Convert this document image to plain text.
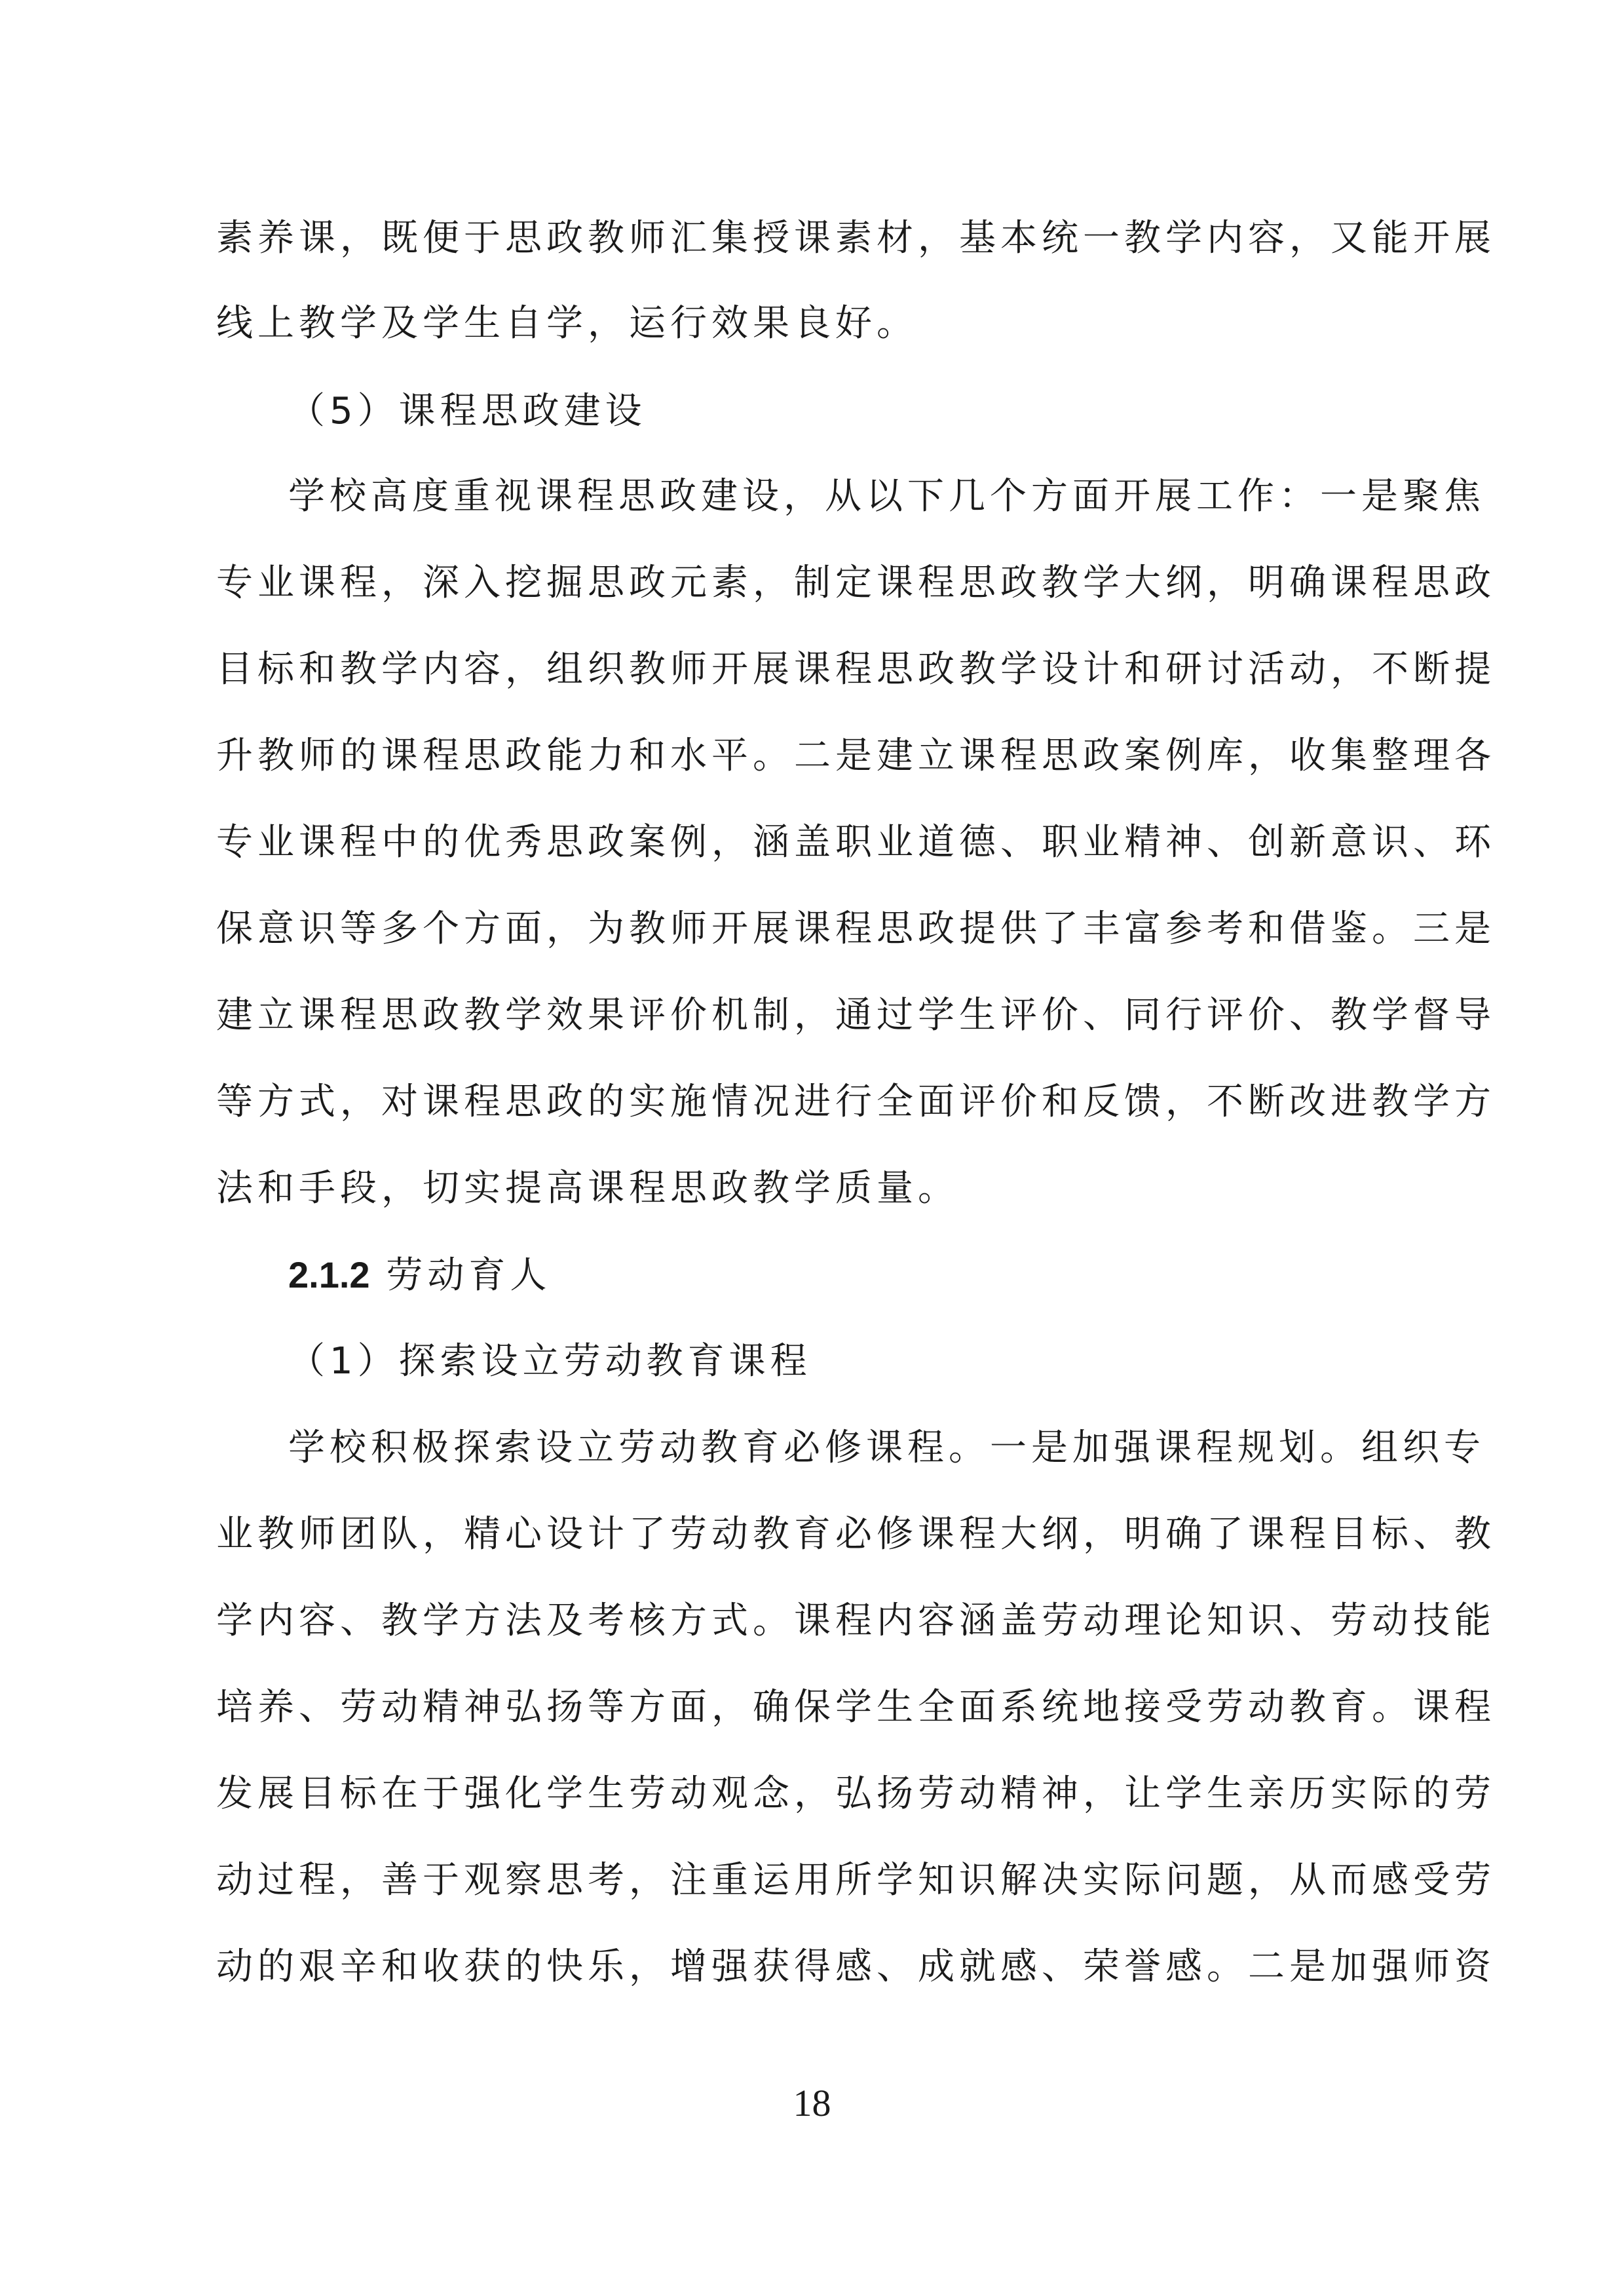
素养课，既便于思政教师汇集授课素材，基本统一教学内容，又能开展
线上教学及学生自学，运行效果良好。
（5）课程思政建设
学校高度重视课程思政建设，从以下几个方面开展工作：一是聚焦
专业课程，深入挖掘思政元素，制定课程思政教学大纲，明确课程思政
目标和教学内容，组织教师开展课程思政教学设计和研讨活动，不断提
升教师的课程思政能力和水平。二是建立课程思政案例库，收集整理各
专业课程中的优秀思政案例，涵盖职业道德、职业精神、创新意识、环
保意识等多个方面，为教师开展课程思政提供了丰富参考和借鉴。三是
建立课程思政教学效果评价机制，通过学生评价、同行评价、教学督导
等方式，对课程思政的实施情况进行全面评价和反馈，不断改进教学方
法和手段，切实提高课程思政教学质量。
2.1.2 劳动育人
（1）探索设立劳动教育课程
学校积极探索设立劳动教育必修课程。一是加强课程规划。组织专
业教师团队，精心设计了劳动教育必修课程大纲，明确了课程目标、教
学内容、教学方法及考核方式。课程内容涵盖劳动理论知识、劳动技能
培养、劳动精神弘扬等方面，确保学生全面系统地接受劳动教育。课程
发展目标在于强化学生劳动观念，弘扬劳动精神，让学生亲历实际的劳
动过程，善于观察思考，注重运用所学知识解决实际问题，从而感受劳
动的艰辛和收获的快乐，增强获得感、成就感、荣誉感。二是加强师资
18
